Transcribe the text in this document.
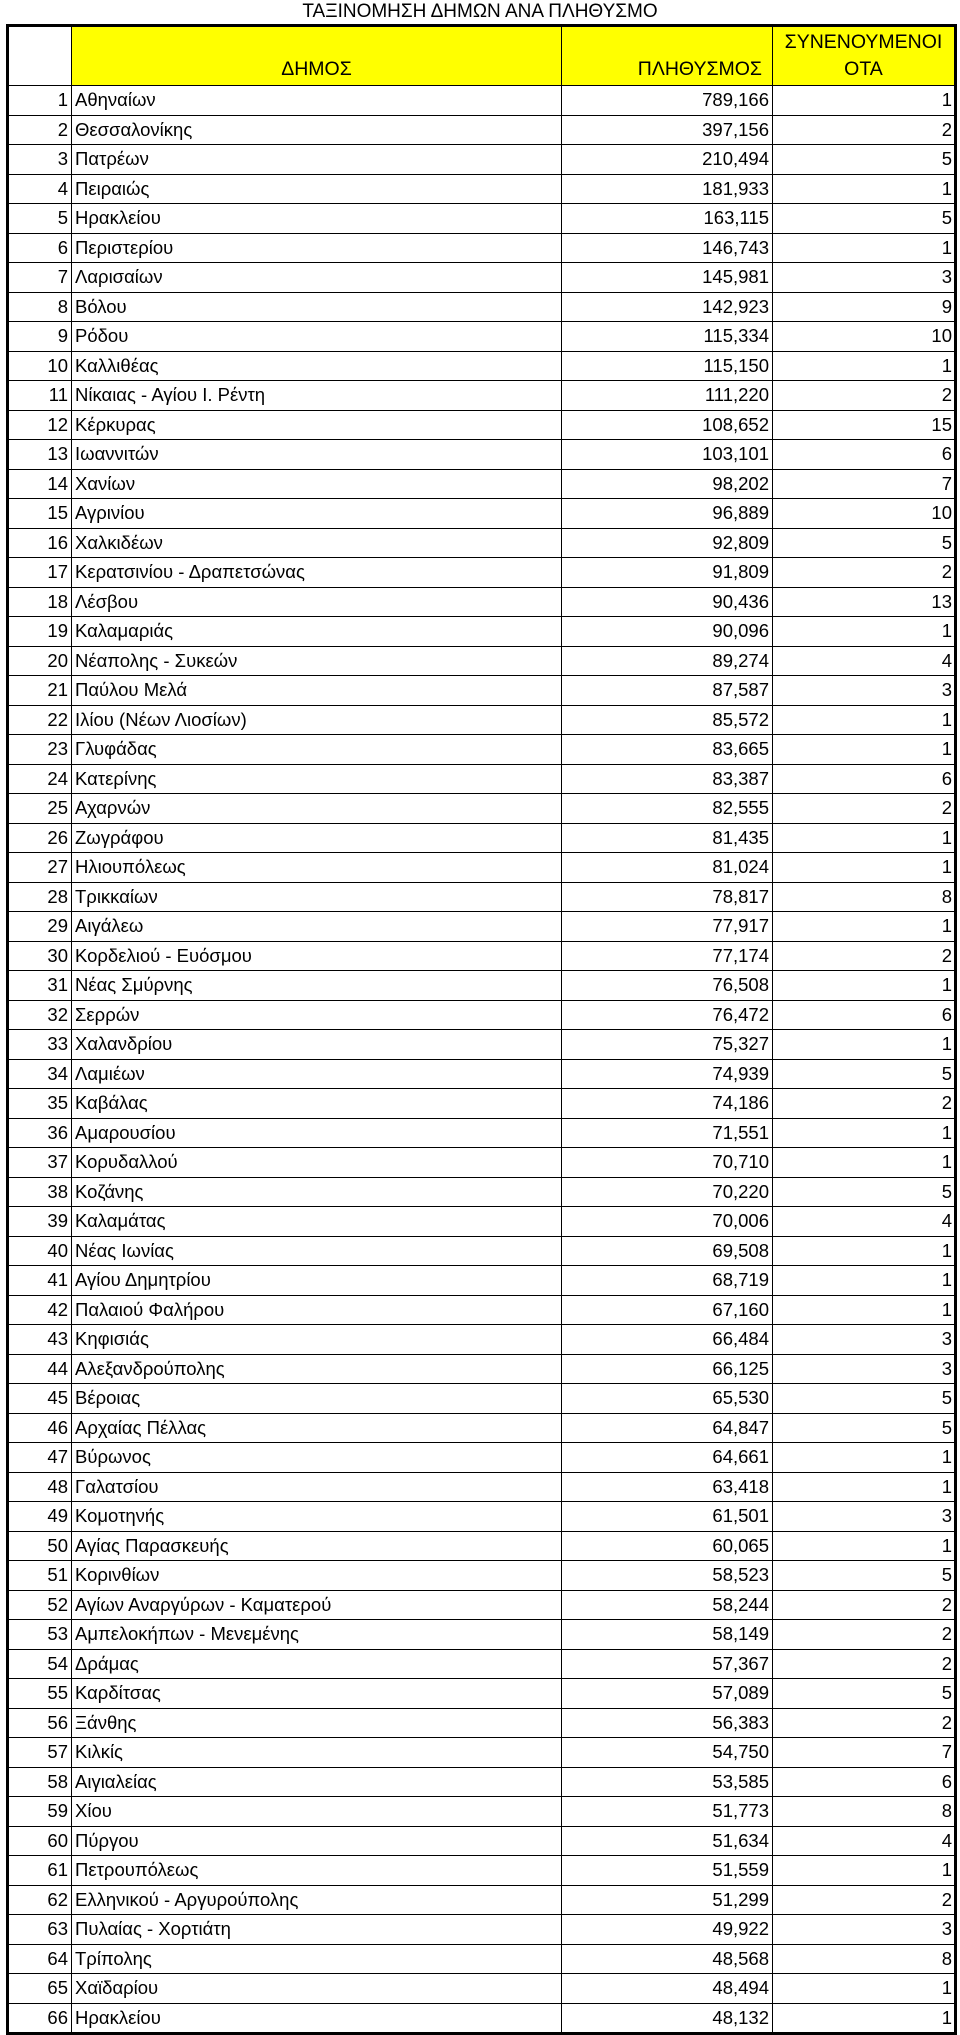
ΤΑΞΙΝΟΜΗΣΗ ΔΗΜΩΝ ΑΝΑ ΠΛΗΘΥΣΜΟ
	ΔΗΜΟΣ	ΠΛΗΘΥΣΜΟΣ	ΣΥΝΕΝΟΥΜΕΝΟΙ
ΟΤΑ
1	Αθηναίων	789,166	1
2	Θεσσαλονίκης	397,156	2
3	Πατρέων	210,494	5
4	Πειραιώς	181,933	1
5	Ηρακλείου	163,115	5
6	Περιστερίου	146,743	1
7	Λαρισαίων	145,981	3
8	Βόλου	142,923	9
9	Ρόδου	115,334	10
10	Καλλιθέας	115,150	1
11	Νίκαιας - Αγίου Ι. Ρέντη	111,220	2
12	Κέρκυρας	108,652	15
13	Ιωαννιτών	103,101	6
14	Χανίων	98,202	7
15	Αγρινίου	96,889	10
16	Χαλκιδέων	92,809	5
17	Κερατσινίου - Δραπετσώνας	91,809	2
18	Λέσβου	90,436	13
19	Καλαμαριάς	90,096	1
20	Νέαπολης - Συκεών	89,274	4
21	Παύλου Μελά	87,587	3
22	Ιλίου (Νέων Λιοσίων)	85,572	1
23	Γλυφάδας	83,665	1
24	Κατερίνης	83,387	6
25	Αχαρνών	82,555	2
26	Ζωγράφου	81,435	1
27	Ηλιουπόλεως	81,024	1
28	Τρικκαίων	78,817	8
29	Αιγάλεω	77,917	1
30	Κορδελιού - Ευόσμου	77,174	2
31	Νέας Σμύρνης	76,508	1
32	Σερρών	76,472	6
33	Χαλανδρίου	75,327	1
34	Λαμιέων	74,939	5
35	Καβάλας	74,186	2
36	Αμαρουσίου	71,551	1
37	Κορυδαλλού	70,710	1
38	Κοζάνης	70,220	5
39	Καλαμάτας	70,006	4
40	Νέας Ιωνίας	69,508	1
41	Αγίου Δημητρίου	68,719	1
42	Παλαιού Φαλήρου	67,160	1
43	Κηφισιάς	66,484	3
44	Αλεξανδρούπολης	66,125	3
45	Βέροιας	65,530	5
46	Αρχαίας Πέλλας	64,847	5
47	Βύρωνος	64,661	1
48	Γαλατσίου	63,418	1
49	Κομοτηνής	61,501	3
50	Αγίας Παρασκευής	60,065	1
51	Κορινθίων	58,523	5
52	Αγίων Αναργύρων - Καματερού	58,244	2
53	Αμπελοκήπων - Μενεμένης	58,149	2
54	Δράμας	57,367	2
55	Καρδίτσας	57,089	5
56	Ξάνθης	56,383	2
57	Κιλκίς	54,750	7
58	Αιγιαλείας	53,585	6
59	Χίου	51,773	8
60	Πύργου	51,634	4
61	Πετρουπόλεως	51,559	1
62	Ελληνικού - Αργυρούπολης	51,299	2
63	Πυλαίας - Χορτιάτη	49,922	3
64	Τρίπολης	48,568	8
65	Χαϊδαρίου	48,494	1
66	Ηρακλείου	48,132	1
